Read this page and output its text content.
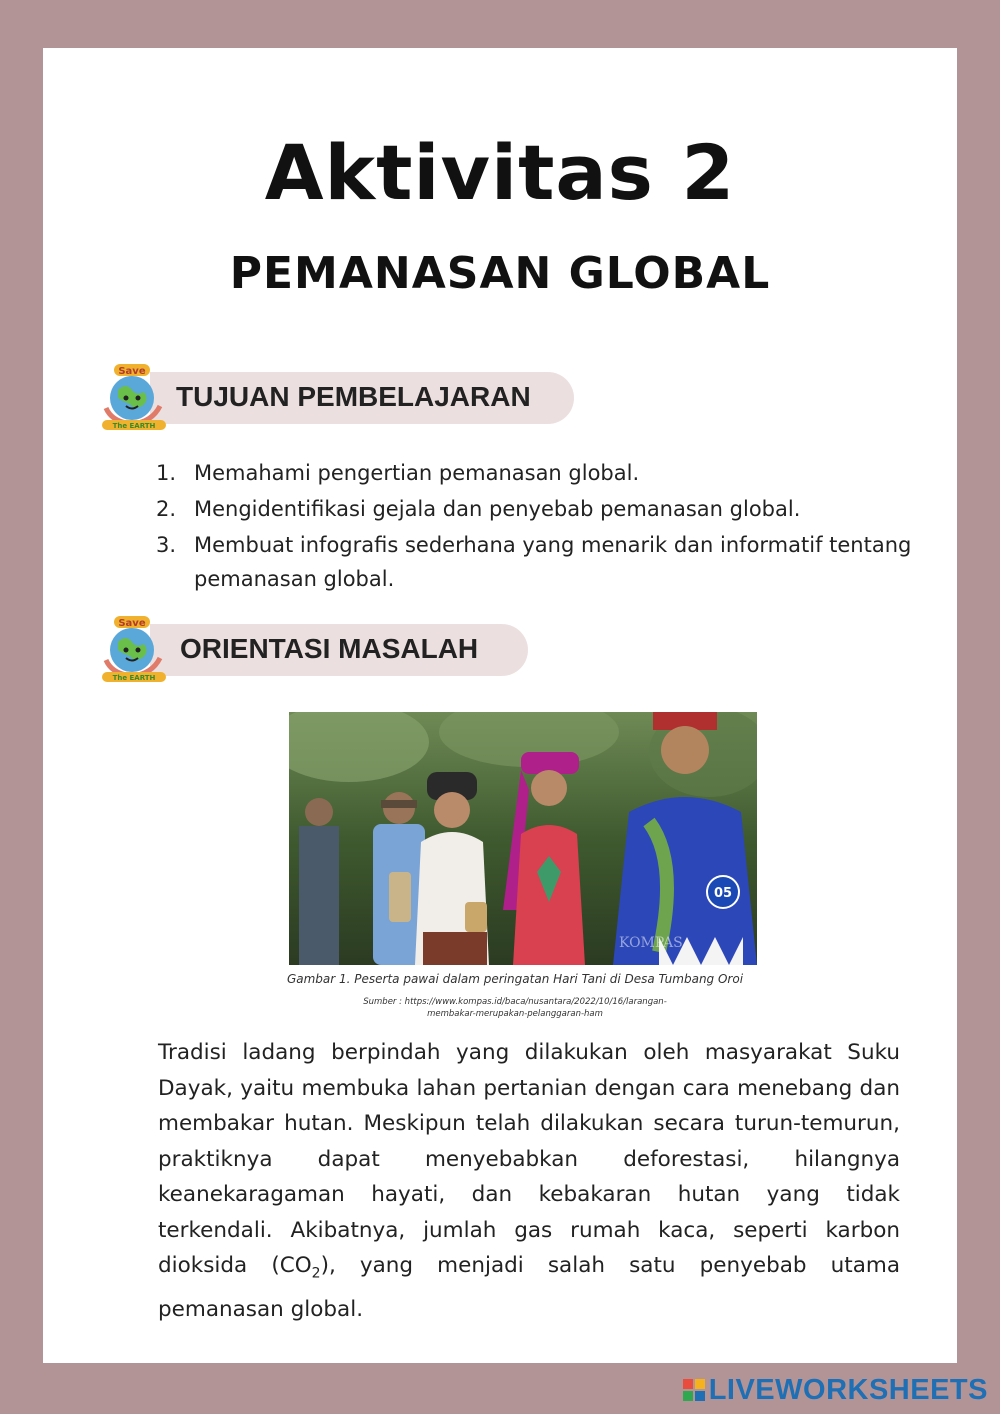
Aktivitas 2
PEMANASAN GLOBAL
Save
The EARTH
TUJUAN PEMBELAJARAN
1. Memahami pengertian pemanasan global.
2. Mengidentifikasi gejala dan penyebab pemanasan global.
3. Membuat infografis sederhana yang menarik dan informatif tentang pemanasan global.
Save
The EARTH
ORIENTASI MASALAH
05
KOMPAS
Gambar 1. Peserta pawai dalam peringatan Hari Tani di Desa Tumbang Oroi
Sumber : https://www.kompas.id/baca/nusantara/2022/10/16/larangan-membakar-merupakan-pelanggaran-ham

Tradisi ladang berpindah yang dilakukan oleh masyarakat Suku Dayak, yaitu membuka lahan pertanian dengan cara menebang dan membakar hutan. Meskipun telah dilakukan secara turun-temurun, praktiknya dapat menyebabkan deforestasi, hilangnya keanekaragaman hayati, dan kebakaran hutan yang tidak terkendali. Akibatnya, jumlah gas rumah kaca, seperti karbon dioksida $(CO_2)$, yang menjadi salah satu penyebab utama pemanasan global.

LIVEWORKSHEETS
